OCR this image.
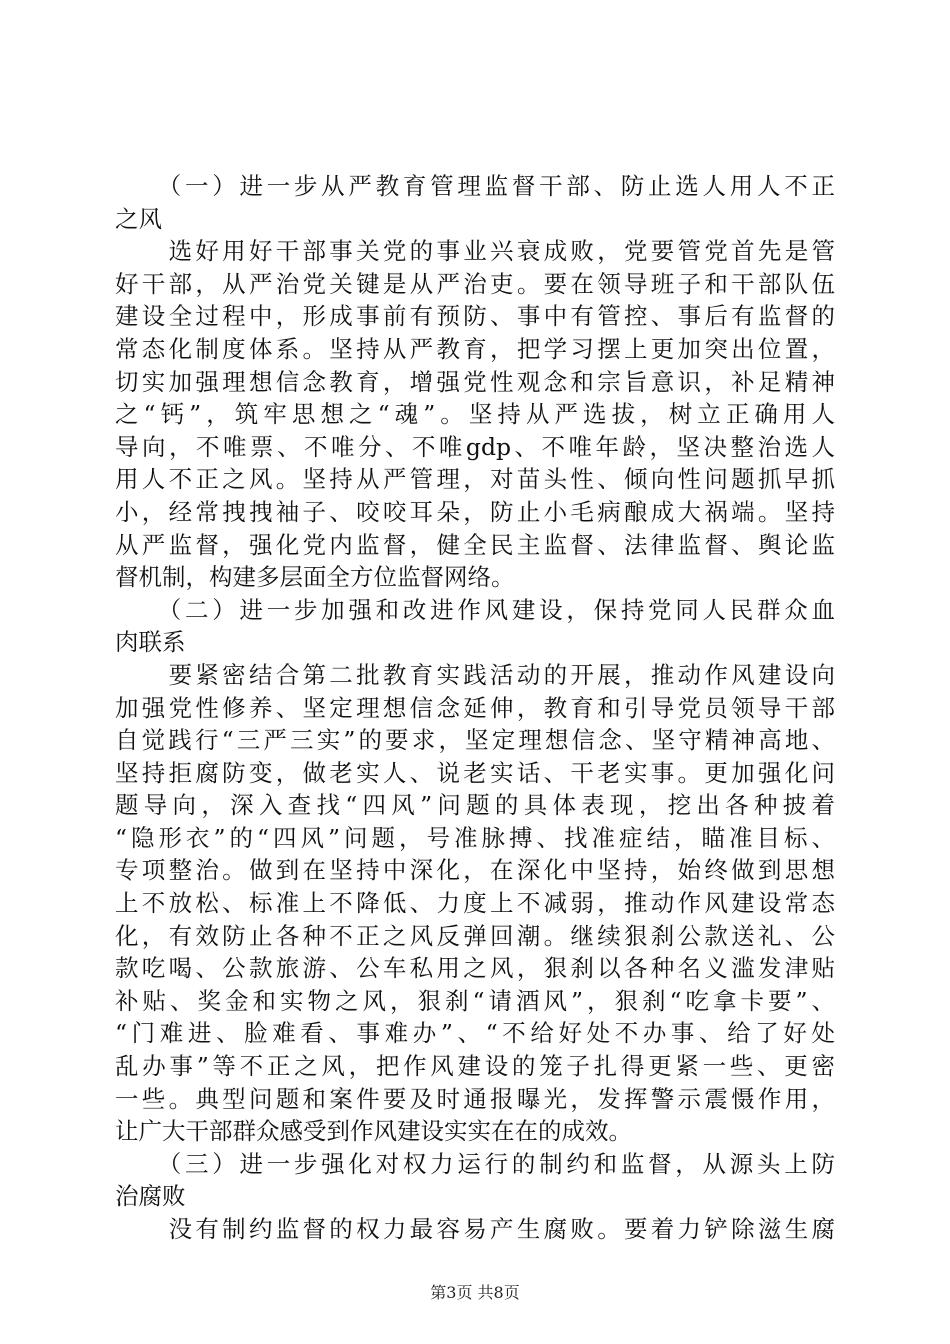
　　（一）进一步从严教育管理监督干部、防止选人用人不正
之风
　　选好用好干部事关党的事业兴衰成败，党要管党首先是管
好干部，从严治党关键是从严治吏。要在领导班子和干部队伍
建设全过程中，形成事前有预防、事中有管控、事后有监督的
常态化制度体系。坚持从严教育，把学习摆上更加突出位置，
切实加强理想信念教育，增强党性观念和宗旨意识，补足精神
之“钙”，筑牢思想之“魂”。坚持从严选拔，树立正确用人
导向，不唯票、不唯分、不唯gdp、不唯年龄，坚决整治选人
用人不正之风。坚持从严管理，对苗头性、倾向性问题抓早抓
小，经常拽拽袖子、咬咬耳朵，防止小毛病酿成大祸端。坚持
从严监督，强化党内监督，健全民主监督、法律监督、舆论监
督机制，构建多层面全方位监督网络。
　　（二）进一步加强和改进作风建设，保持党同人民群众血
肉联系
　　要紧密结合第二批教育实践活动的开展，推动作风建设向
加强党性修养、坚定理想信念延伸，教育和引导党员领导干部
自觉践行“三严三实”的要求，坚定理想信念、坚守精神高地、
坚持拒腐防变，做老实人、说老实话、干老实事。更加强化问
题导向，深入查找“四风”问题的具体表现，挖出各种披着
“隐形衣”的“四风”问题，号准脉搏、找准症结，瞄准目标、
专项整治。做到在坚持中深化，在深化中坚持，始终做到思想
上不放松、标准上不降低、力度上不减弱，推动作风建设常态
化，有效防止各种不正之风反弹回潮。继续狠刹公款送礼、公
款吃喝、公款旅游、公车私用之风，狠刹以各种名义滥发津贴
补贴、奖金和实物之风，狠刹“请酒风”，狠刹“吃拿卡要”、
“门难进、脸难看、事难办”、“不给好处不办事、给了好处
乱办事”等不正之风，把作风建设的笼子扎得更紧一些、更密
一些。典型问题和案件要及时通报曝光，发挥警示震慑作用，
让广大干部群众感受到作风建设实实在在的成效。
　　（三）进一步强化对权力运行的制约和监督，从源头上防
治腐败
　　没有制约监督的权力最容易产生腐败。要着力铲除滋生腐
第3页 共8页
